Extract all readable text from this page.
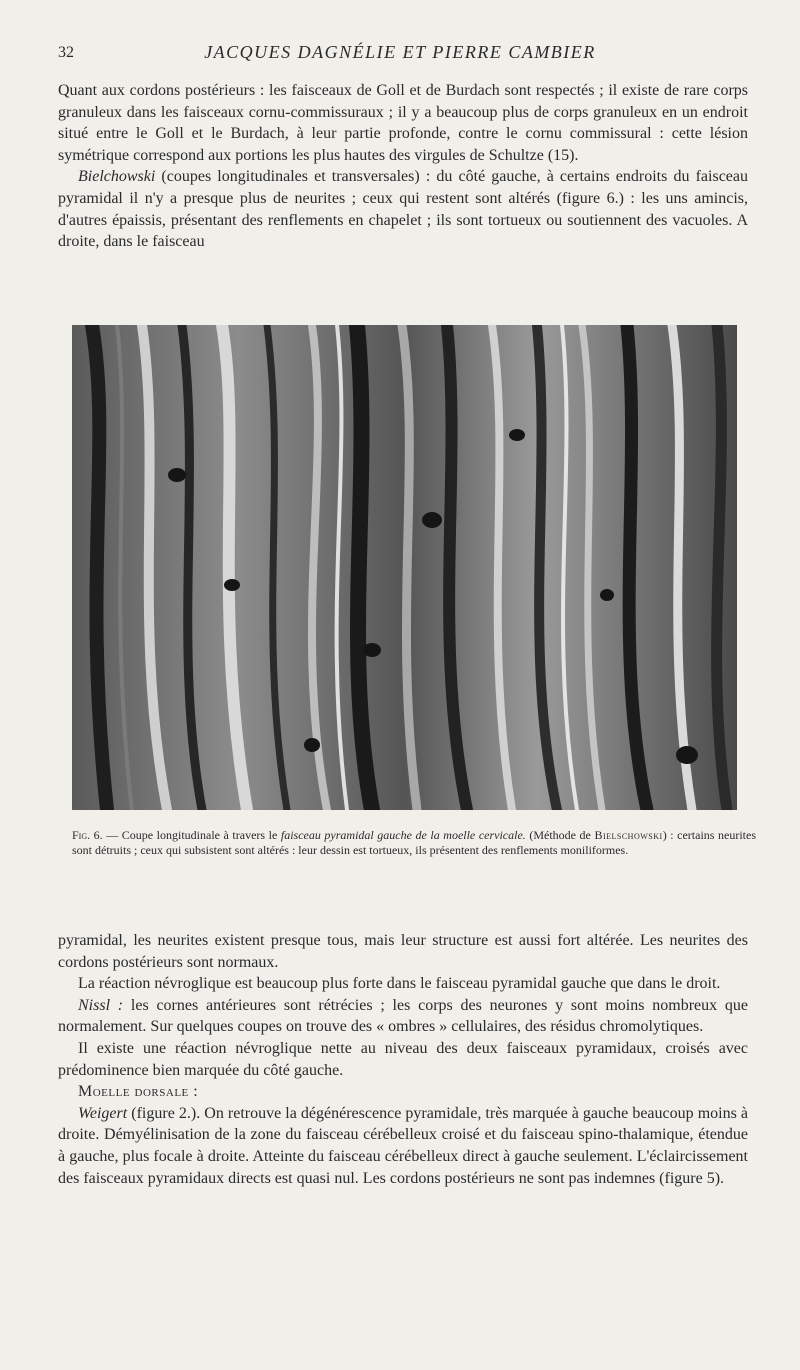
32	JACQUES DAGNÉLIE ET PIERRE CAMBIER

Quant aux cordons postérieurs : les faisceaux de Goll et de Burdach sont respectés ; il existe de rare corps granuleux dans les faisceaux cornu-commissuraux ; il y a beaucoup plus de corps granuleux en un endroit situé entre le Goll et le Burdach, à leur partie profonde, contre le cornu commissural : cette lésion symétrique correspond aux portions les plus hautes des virgules de Schultze (15).

Bielchowski (coupes longitudinales et transversales) : du côté gauche, à certains endroits du faisceau pyramidal il n'y a presque plus de neurites ; ceux qui restent sont altérés (figure 6.) : les uns amincis, d'autres épaissis, présentant des renflements en chapelet ; ils sont tortueux ou soutiennent des vacuoles. A droite, dans le faisceau

Fig. 6. — Coupe longitudinale à travers le faisceau pyramidal gauche de la moelle cervicale. (Méthode de Bielschowski) : certains neurites sont détruits ; ceux qui subsistent sont altérés : leur dessin est tortueux, ils présentent des renflements moniliformes.

pyramidal, les neurites existent presque tous, mais leur structure est aussi fort altérée. Les neurites des cordons postérieurs sont normaux.

La réaction névroglique est beaucoup plus forte dans le faisceau pyramidal gauche que dans le droit.

Nissl : les cornes antérieures sont rétrécies ; les corps des neurones y sont moins nombreux que normalement. Sur quelques coupes on trouve des « ombres » cellulaires, des résidus chromolytiques.

Il existe une réaction névroglique nette au niveau des deux faisceaux pyramidaux, croisés avec prédominence bien marquée du côté gauche.

Moelle dorsale :

Weigert (figure 2.). On retrouve la dégénérescence pyramidale, très marquée à gauche beaucoup moins à droite. Démyélinisation de la zone du faisceau cérébelleux croisé et du faisceau spino-thalamique, étendue à gauche, plus focale à droite. Atteinte du faisceau cérébelleux direct à gauche seulement. L'éclaircissement des faisceaux pyramidaux directs est quasi nul. Les cordons postérieurs ne sont pas indemnes (figure 5).
